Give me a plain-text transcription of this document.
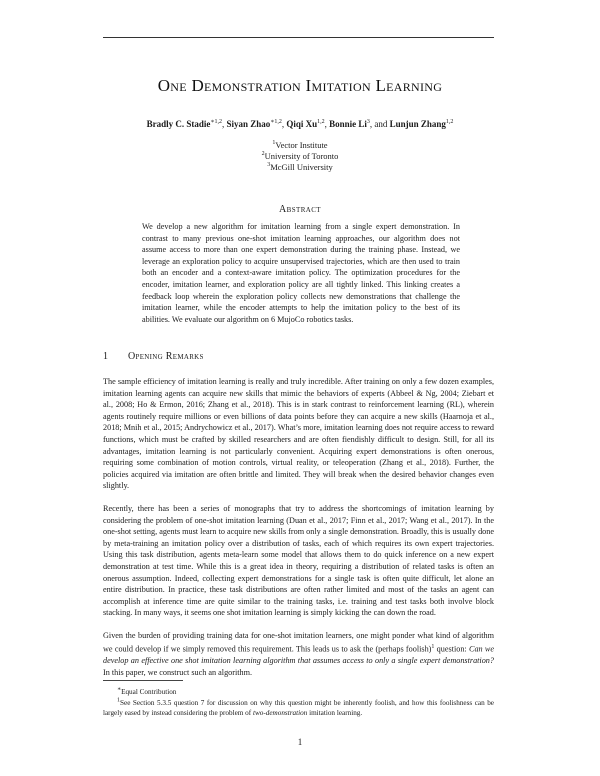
One Demonstration Imitation Learning
Bradly C. Stadie$^{∗1,2}$, Siyan Zhao$^{∗1,2}$, Qiqi Xu$^{1,2}$, Bonnie Li$^3$, and Lunjun Zhang$^{1,2}$
$^1$Vector Institute
$^2$University of Toronto
$^3$McGill University
Abstract
We develop a new algorithm for imitation learning from a single expert demonstration. In contrast to many previous one-shot imitation learning approaches, our algorithm does not assume access to more than one expert demonstration during the training phase. Instead, we leverage an exploration policy to acquire unsupervised trajectories, which are then used to train both an encoder and a context-aware imitation policy. The optimization procedures for the encoder, imitation learner, and exploration policy are all tightly linked. This linking creates a feedback loop wherein the exploration policy collects new demonstrations that challenge the imitation learner, while the encoder attempts to help the imitation policy to the best of its abilities. We evaluate our algorithm on 6 MujoCo robotics tasks.
1 Opening Remarks
The sample efficiency of imitation learning is really and truly incredible. After training on only a few dozen examples, imitation learning agents can acquire new skills that mimic the behaviors of experts (Abbeel & Ng, 2004; Ziebart et al., 2008; Ho & Ermon, 2016; Zhang et al., 2018). This is in stark contrast to reinforcement learning (RL), wherein agents routinely require millions or even billions of data points before they can acquire a new skills (Haarnoja et al., 2018; Mnih et al., 2015; Andrychowicz et al., 2017). What’s more, imitation learning does not require access to reward functions, which must be crafted by skilled researchers and are often fiendishly difficult to design. Still, for all its advantages, imitation learning is not particularly convenient. Acquiring expert demonstrations is often onerous, requiring some combination of motion controls, virtual reality, or teleoperation (Zhang et al., 2018). Further, the policies acquired via imitation are often brittle and limited. They will break when the desired behavior changes even slightly.
Recently, there has been a series of monographs that try to address the shortcomings of imitation learning by considering the problem of one-shot imitation learning (Duan et al., 2017; Finn et al., 2017; Wang et al., 2017). In the one-shot setting, agents must learn to acquire new skills from only a single demonstration. Broadly, this is usually done by meta-training an imitation policy over a distribution of tasks, each of which requires its own expert trajectories. Using this task distribution, agents meta-learn some model that allows them to do quick inference on a new expert demonstration at test time. While this is a great idea in theory, requiring a distribution of related tasks is often an onerous assumption. Indeed, collecting expert demonstrations for a single task is often quite difficult, let alone an entire distribution. In practice, these task distributions are often rather limited and most of the tasks an agent can accomplish at inference time are quite similar to the training tasks, i.e. training and test tasks both involve block stacking. In many ways, it seems one shot imitation learning is simply kicking the can down the road.
Given the burden of providing training data for one-shot imitation learners, one might ponder what kind of algorithm we could develop if we simply removed this requirement. This leads us to ask the (perhaps foolish)$^1$ question: Can we develop an effective one shot imitation learning algorithm that assumes access to only a single expert demonstration? In this paper, we construct such an algorithm.
∗Equal Contribution
$^1$See Section 5.3.5 question 7 for discussion on why this question might be inherently foolish, and how this foolishness can be largely eased by instead considering the problem of two-demonstration imitation learning.
1
